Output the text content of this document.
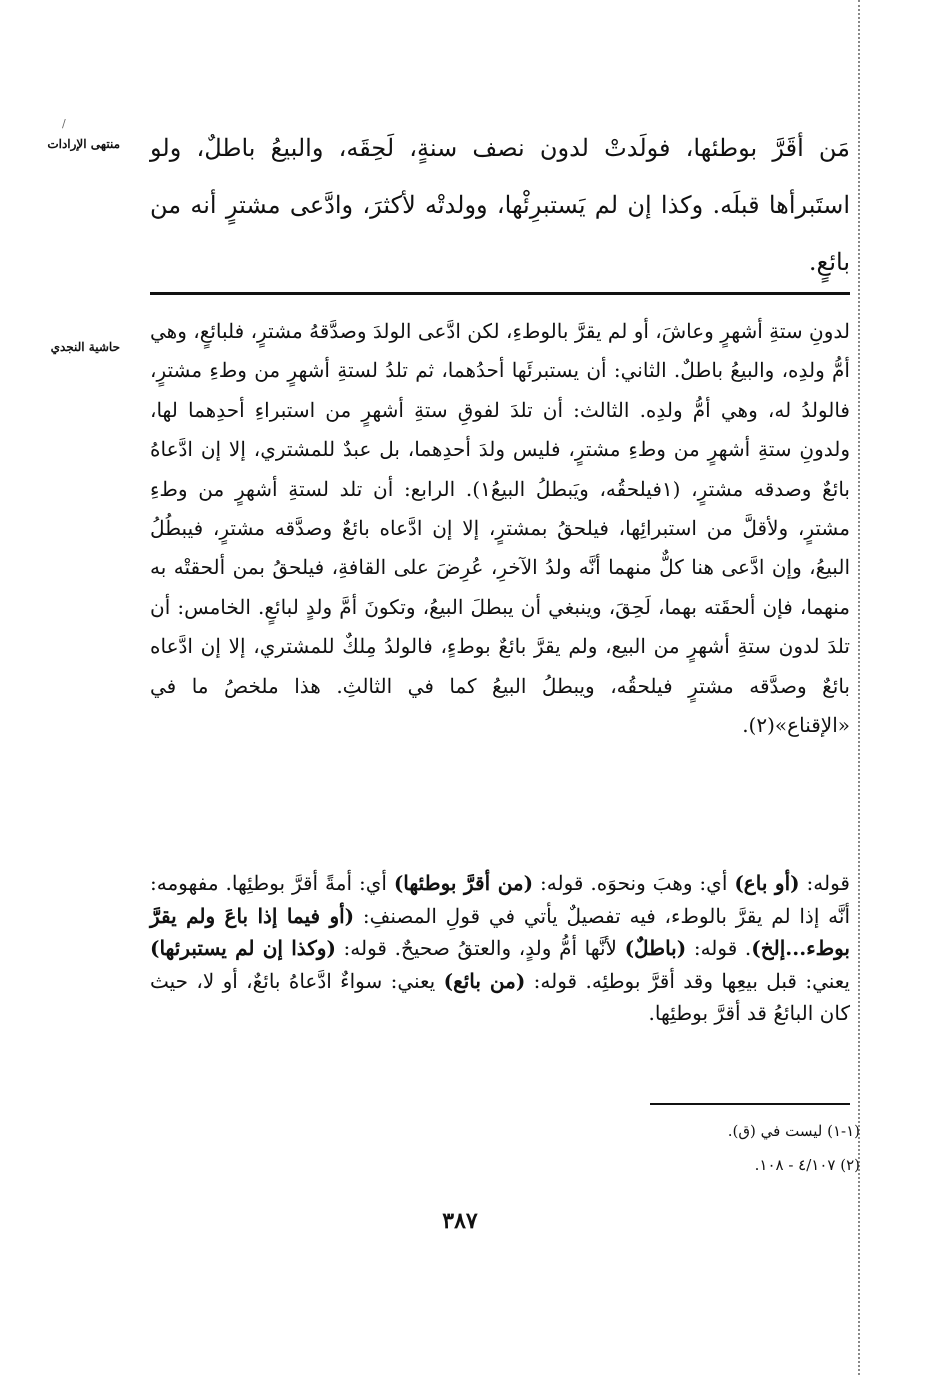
/
منتهى الإرادات
حاشية النجدي
مَن أقَرَّ بوطئها، فولَدتْ لدون نصف سنةٍ، لَحِقَه، والبيعُ باطلٌ، ولو استَبرأها قبلَه. وكذا إن لم يَستبرِئْها، وولدتْه لأكثرَ، وادَّعى مشترٍ أنه من بائعٍ.
لدونِ ستةِ أشهرٍ وعاشَ، أو لم يقرَّ بالوطءِ، لكن ادَّعى الولدَ وصدَّقهُ مشترٍ، فلبائعٍ، وهي أمُّ ولدِه، والبيعُ باطلٌ. الثاني: أن يستبرئَها أحدُهما، ثم تلدُ لستةِ أشهرٍ من وطءِ مشترٍ، فالولدُ له، وهي أمُّ ولدِه. الثالث: أن تلدَ لفوقِ ستةِ أشهرٍ من استبراءِ أحدِهما لها، ولدونِ ستةِ أشهرٍ من وطءِ مشترٍ، فليس ولدَ أحدِهما، بل عبدٌ للمشتري، إلا إن ادَّعاهُ بائعٌ وصدقه مشترٍ، (١فيلحقُه، ويَبطلُ البيعُ١). الرابع: أن تلد لستةِ أشهرٍ من وطءِ مشترٍ، ولأقلَّ من استبرائِها، فيلحقُ بمشترٍ، إلا إن ادَّعاه بائعٌ وصدَّقه مشترٍ، فيبطُلُ البيعُ، وإن ادَّعى هنا كلٌّ منهما أنَّه ولدُ الآخرِ، عُرِضَ على القافةِ، فيلحقُ بمن ألحقتْه به منهما، فإن ألحقَته بهما، لَحِقَ، وينبغي أن يبطلَ البيعُ، وتكونَ أمَّ ولدٍ لبائعٍ. الخامس: أن تلدَ لدون ستةِ أشهرٍ من البيع، ولم يقرَّ بائعٌ بوطءٍ، فالولدُ مِلكٌ للمشتري، إلا إن ادَّعاه بائعٌ وصدَّقه مشترٍ فيلحقُه، ويبطلُ البيعُ كما في الثالثِ. هذا ملخصُ ما في «الإقناع»(٢).
قوله: (أو باع) أي: وهبَ ونحوَه. قوله: (من أقرَّ بوطئها) أي: أمةً أقرَّ بوطئِها. مفهومه: أنَّه إذا لم يقرَّ بالوطء، فيه تفصيلٌ يأتي في قولِ المصنفِ: (أو فيما إذا باعَ ولم يقرَّ بوطء...إلخ). قوله: (باطلٌ) لأنَّها أمُّ ولدٍ، والعتقُ صحيحٌ. قوله: (وكذا إن لم يستبرئها) يعني: قبل بيعِها وقد أقرَّ بوطئِه. قوله: (من بائع) يعني: سواءٌ ادَّعاهُ بائعٌ، أو لا، حيث كان البائعُ قد أقرَّ بوطئِها.
(١-١) ليست في (ق).
(٢) ٤/١٠٧ - ١٠٨.
٣٨٧
